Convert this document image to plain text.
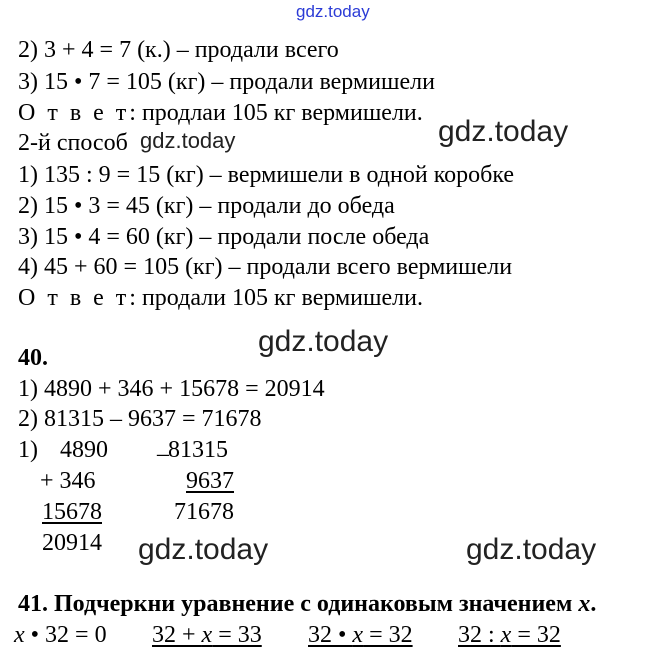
gdz.today
gdz.today	gdz.today
gdz.today
gdz.today	gdz.today
2) 3 + 4 = 7 (к.) – продали всего
3) 15 • 7 = 105 (кг) – продали вермишели
О т в е т: продлаи 105 кг вермишели.
2-й способ
1) 135 : 9 = 15 (кг) – вермишели в одной коробке
2) 15 • 3 = 45 (кг) – продали до обеда
3) 15 • 4 = 60 (кг) – продали после обеда
4) 45 + 60 = 105 (кг) – продали всего вермишели
О т в е т: продали 105 кг вермишели.
40.
1) 4890 + 346 + 15678 = 20914
2) 81315 – 9637 = 71678
1) 4890
+ 346
15678
20914
_ 81315
9637
71678
41. Подчеркни уравнение с одинаковым значением x.
x • 32 = 0 32 + x = 33 32 • x = 32 32 : x = 32
